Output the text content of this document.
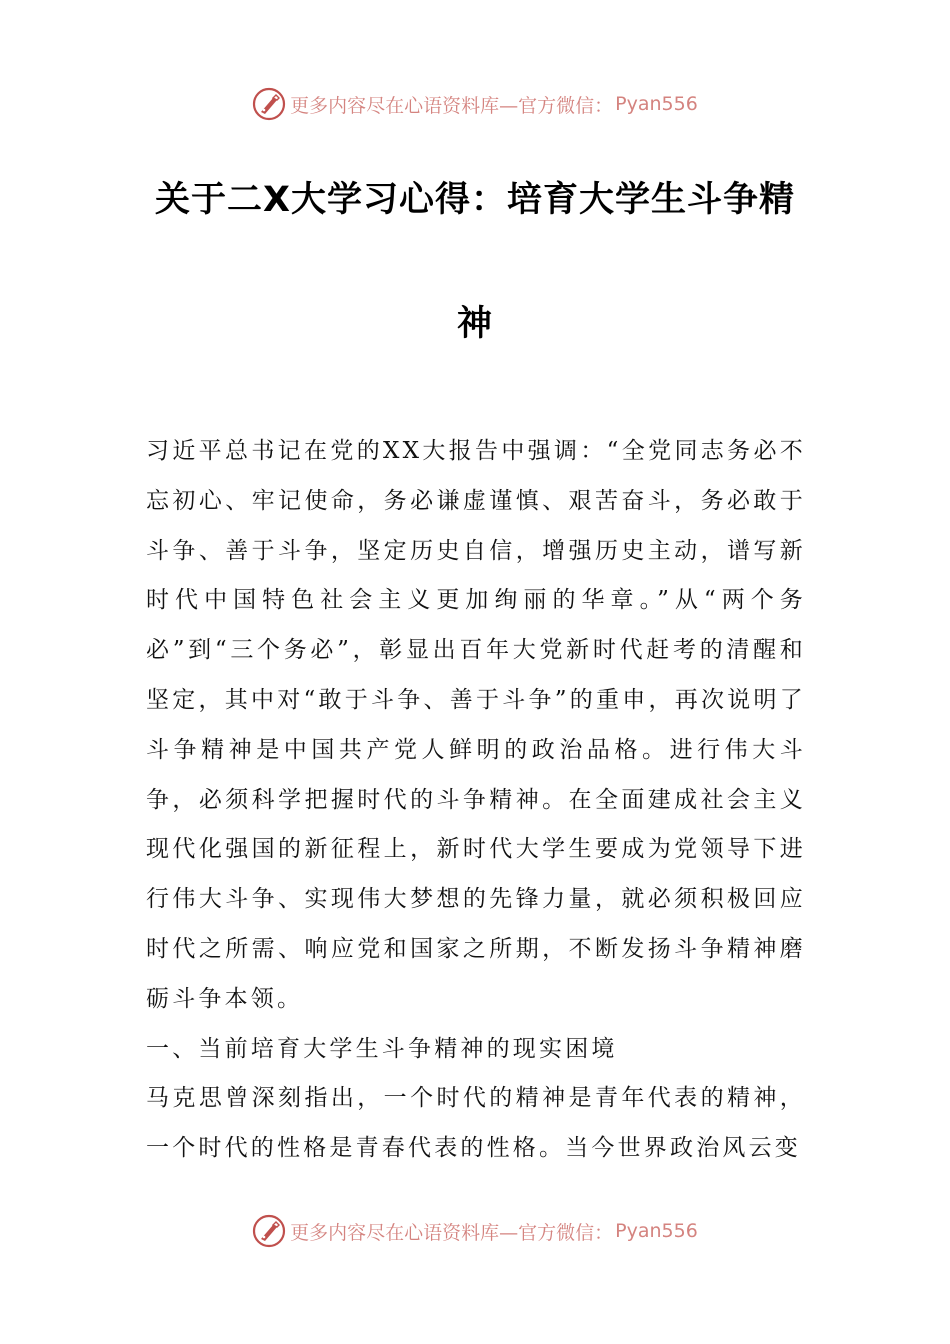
更多内容尽在心语资料库—官方微信： Pyan556
关于二X大学习心得：培育大学生斗争精
神

习近平总书记在党的XX大报告中强调：“全党同志务必不忘初心、牢记使命，务必谦虚谨慎、艰苦奋斗，务必敢于斗争、善于斗争，坚定历史自信，增强历史主动，谱写新时代中国特色社会主义更加绚丽的华章。”从“两个务必”到“三个务必”，彰显出百年大党新时代赶考的清醒和坚定，其中对“敢于斗争、善于斗争”的重申，再次说明了斗争精神是中国共产党人鲜明的政治品格。进行伟大斗争，必须科学把握时代的斗争精神。在全面建成社会主义现代化强国的新征程上，新时代大学生要成为党领导下进行伟大斗争、实现伟大梦想的先锋力量，就必须积极回应时代之所需、响应党和国家之所期，不断发扬斗争精神磨砺斗争本领。

一、当前培育大学生斗争精神的现实困境

马克思曾深刻指出，一个时代的精神是青年代表的精神，一个时代的性格是青春代表的性格。当今世界政治风云变

更多内容尽在心语资料库—官方微信： Pyan556
